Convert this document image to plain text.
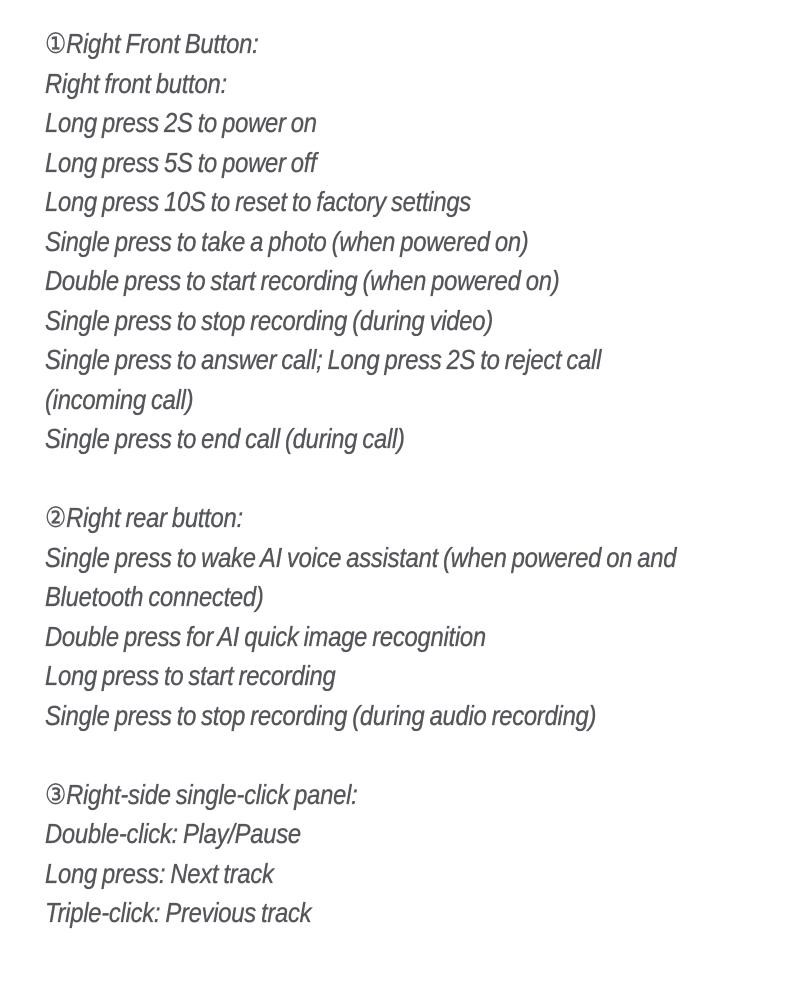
①Right Front Button:
Right front button:
Long press 2S to power on
Long press 5S to power off
Long press 10S to reset to factory settings
Single press to take a photo (when powered on)
Double press to start recording (when powered on)
Single press to stop recording (during video)
Single press to answer call; Long press 2S to reject call
(incoming call)
Single press to end call (during call)
②Right rear button:
Single press to wake AI voice assistant (when powered on and
Bluetooth connected)
Double press for AI quick image recognition
Long press to start recording
Single press to stop recording (during audio recording)
③Right-side single-click panel:
Double-click: Play/Pause
Long press: Next track
Triple-click: Previous track
